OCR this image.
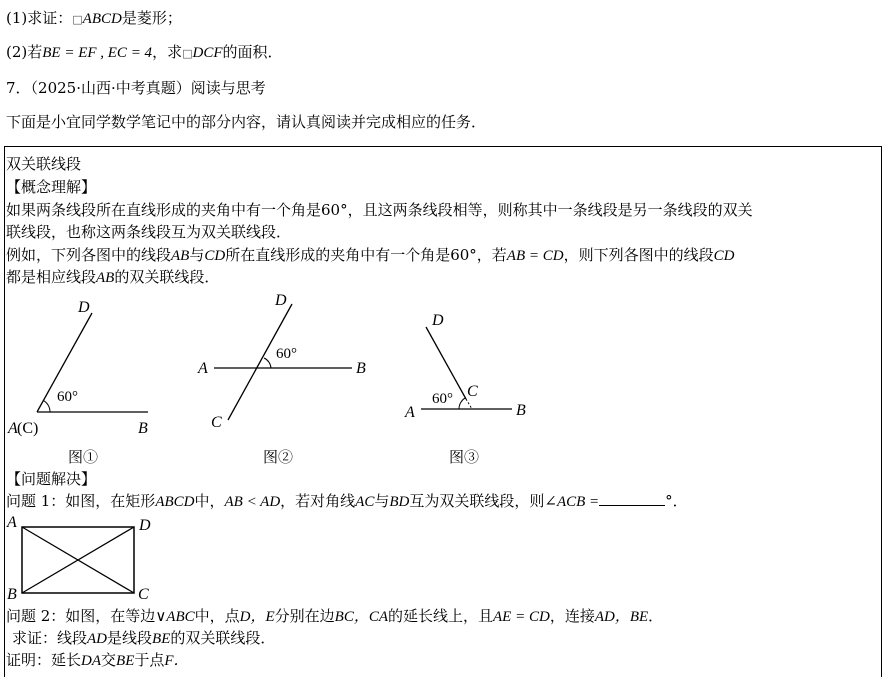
(1)求证：□ABCD是菱形；
(2)若BE = EF , EC = 4，求□DCF的面积．
7．（2025·山西·中考真题）阅读与思考
下面是小宜同学数学笔记中的部分内容，请认真阅读并完成相应的任务．
双关联线段
【概念理解】
如果两条线段所在直线形成的夹角中有一个角是60°，且这两条线段相等，则称其中一条线段是另一条线段的双关
联线段，也称这两条线段互为双关联线段．
例如，下列各图中的线段AB与CD所在直线形成的夹角中有一个角是60°，若AB = CD，则下列各图中的线段CD
都是相应线段AB的双关联线段．
D
60°
A (C)	B
D
60°
A	B
C
D
60° C
A	B
图①	图②	图③
【问题解决】
问题 1：如图，在矩形ABCD中，AB < AD，若对角线AC与BD互为双关联线段，则∠ACB =	°．
A	D
B	C
问题 2：如图，在等边∨ABC中，点D，E分别在边BC，CA的延长线上，且AE = CD，连接AD，BE．
求证：线段AD是线段BE的双关联线段．
证明：延长DA交BE于点F．
